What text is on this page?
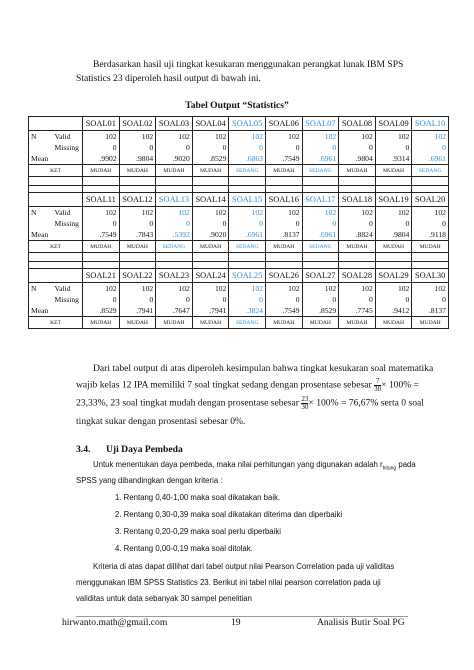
Berdasarkan hasil uji tingkat kesukaran menggunakan perangkat lunak IBM SPS
Statistics 23 diperoleh hasil output di bawah ini.
Tabel Output “Statistics”
		SOAL01	SOAL02	SOAL03	SOAL04	SOAL05	SOAL06	SOAL07	SOAL08	SOAL09	SOAL10
N	Valid	102	102	102	102	102	102	102	102	102	102
	Missing	0	0	0	0	0	0	0	0	0	0
Mean		.9902	.9804	.9020	.8529	.6863	.7549	.6961	.9804	.9314	.6961
KET		MUDAH	MUDAH	MUDAH	MUDAH	SEDANG	MUDAH	SEDANG	MUDAH	MUDAH	SEDANG

		SOAL11	SOAL12	SOAL13	SOAL14	SOAL15	SOAL16	SOAL17	SOAL18	SOAL19	SOAL20
N	Valid	102	102	102	102	102	102	102	102	102	102
	Missing	0	0	0	0	0	0	0	0	0	0
Mean		.7549	.7843	.5392	.9020	.6961	.8137	.6961	.8824	.9804	.9118
KET		MUDAH	MUDAH	SEDANG	MUDAH	SEDANG	MUDAH	SEDANG	MUDAH	MUDAH	MUDAH

		SOAL21	SOAL22	SOAL23	SOAL24	SOAL25	SOAL26	SOAL27	SOAL28	SOAL29	SOAL30
N	Valid	102	102	102	102	102	102	102	102	102	102
	Missing	0	0	0	0	0	0	0	0	0	0
Mean		.8529	.7941	.7647	.7941	.3824	.7549	.8529	.7745	.9412	.8137
KET		MUDAH	MUDAH	MUDAH	MUDAH	SEDANG	MUDAH	MUDAH	MUDAH	MUDAH	MUDAH
Dari tabel output di atas diperoleh kesimpulan bahwa tingkat kesukaran soal matematika
wajib kelas 12 IPA memiliki 7 soal tingkat sedang dengan prosentase sebesar $\frac{7}{30} \times 100\%$ =
23,33%, 23 soal tingkat mudah dengan prosentase sebesar $\frac{23}{30} \times 100\% = 76,67\%$ serta 0 soal
tingkat sukar dengan prosentasi sebesar 0%.
3.4. Uji Daya Pembeda
Untuk menentukan daya pembeda, maka nilai perhitungan yang digunakan adalah $r_{hitung}$ pada
SPSS yang dibandingkan dengan kriteria :
1. Rentang 0,40-1,00 maka soal dikatakan baik.
2. Rentang 0,30-0,39 maka soal dikatakan diterima dan diperbaiki
3. Rentang 0,20-0,29 maka soal perlu diperbaiki
4. Rentang 0,00-0,19 maka soal ditolak.
Kriteria di atas dapat dillihat dari tabel output nilai Pearson Correlation pada uji validitas
menggunakan IBM SPSS Statistics 23. Berikut ini tabel nilai pearson correlation pada uji
validitas untuk data sebanyak 30 sampel penelitian
hirwanto.math@gmail.com	19	Analisis Butir Soal PG
